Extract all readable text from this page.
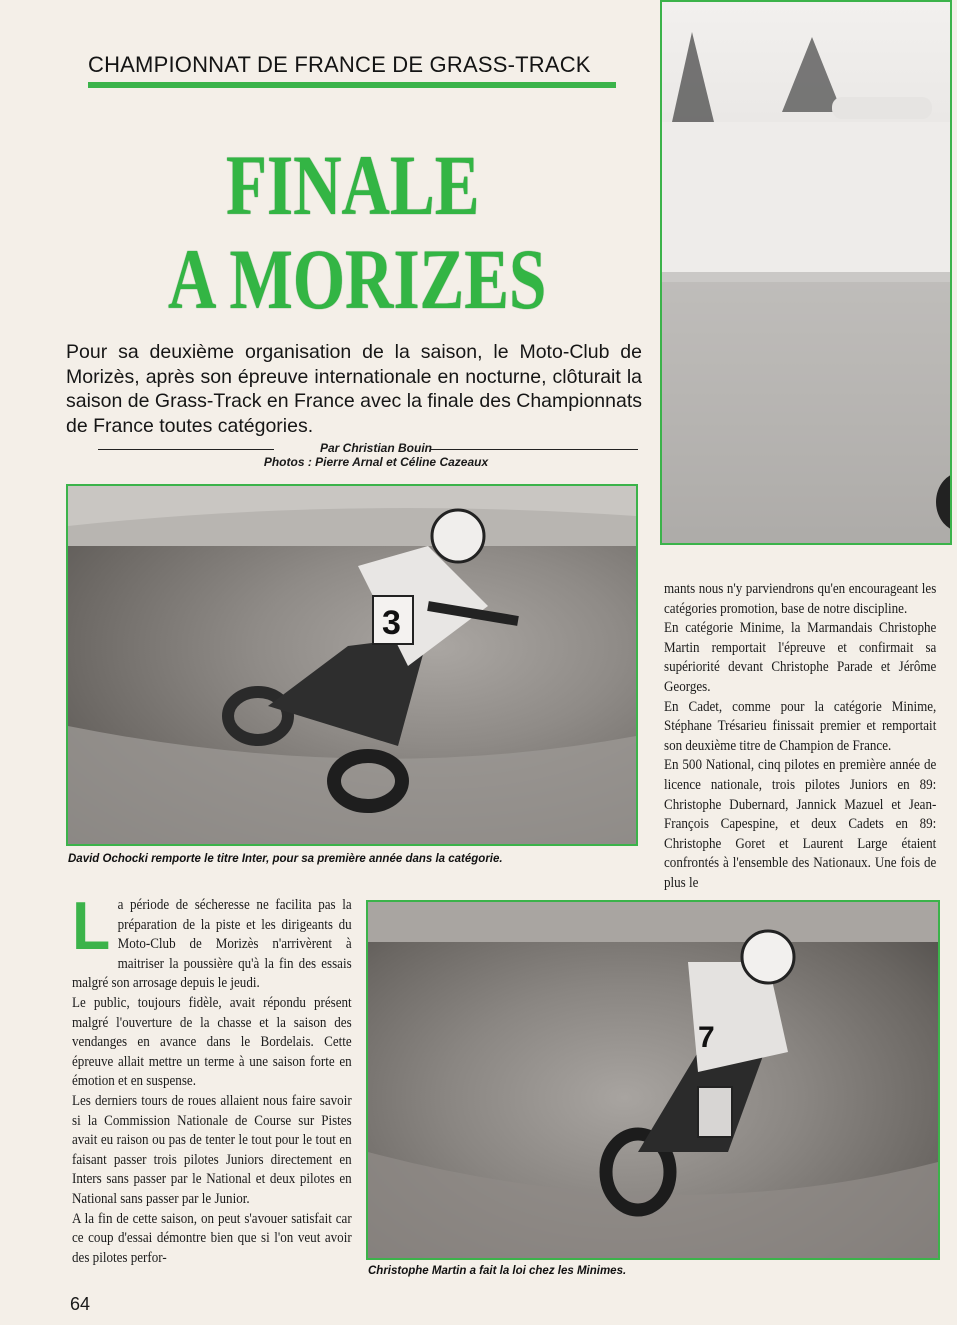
CHAMPIONNAT DE FRANCE DE GRASS-TRACK
FINALE
A MORIZES
Pour sa deuxième organisation de la saison, le Moto-Club de Morizès, après son épreuve internationale en nocturne, clôturait la saison de Grass-Track en France avec la finale des Championnats de France toutes catégories.
Par Christian Bouin
Photos : Pierre Arnal et Céline Cazeaux
3
David Ochocki remporte le titre Inter, pour sa première année dans la catégorie.

mants nous n'y parviendrons qu'en encourageant les catégories promotion, base de notre discipline.

En catégorie Minime, la Marmandais Christophe Martin remportait l'épreuve et confirmait sa supériorité devant Christophe Parade et Jérôme Georges.

En Cadet, comme pour la catégorie Minime, Stéphane Trésarieu finissait premier et remportait son deuxième titre de Champion de France.

En 500 National, cinq pilotes en première année de licence nationale, trois pilotes Juniors en 89: Christophe Dubernard, Jannick Mazuel et Jean-François Capespine, et deux Cadets en 89: Christophe Goret et Laurent Large étaient confrontés à l'ensemble des Nationaux. Une fois de plus le

La période de sécheresse ne facilita pas la préparation de la piste et les dirigeants du Moto-Club de Morizès n'arrivèrent à maitriser la poussière qu'à la fin des essais malgré son arrosage depuis le jeudi.

Le public, toujours fidèle, avait répondu présent malgré l'ouverture de la chasse et la saison des vendanges en avance dans le Bordelais. Cette épreuve allait mettre un terme à une saison forte en émotion et en suspense.

Les derniers tours de roues allaient nous faire savoir si la Commission Nationale de Course sur Pistes avait eu raison ou pas de tenter le tout pour le tout en faisant passer trois pilotes Juniors directement en Inters sans passer par le National et deux pilotes en National sans passer par le Junior.

A la fin de cette saison, on peut s'avouer satisfait car ce coup d'essai démontre bien que si l'on veut avoir des pilotes perfor-

7
Christophe Martin a fait la loi chez les Minimes.
64
